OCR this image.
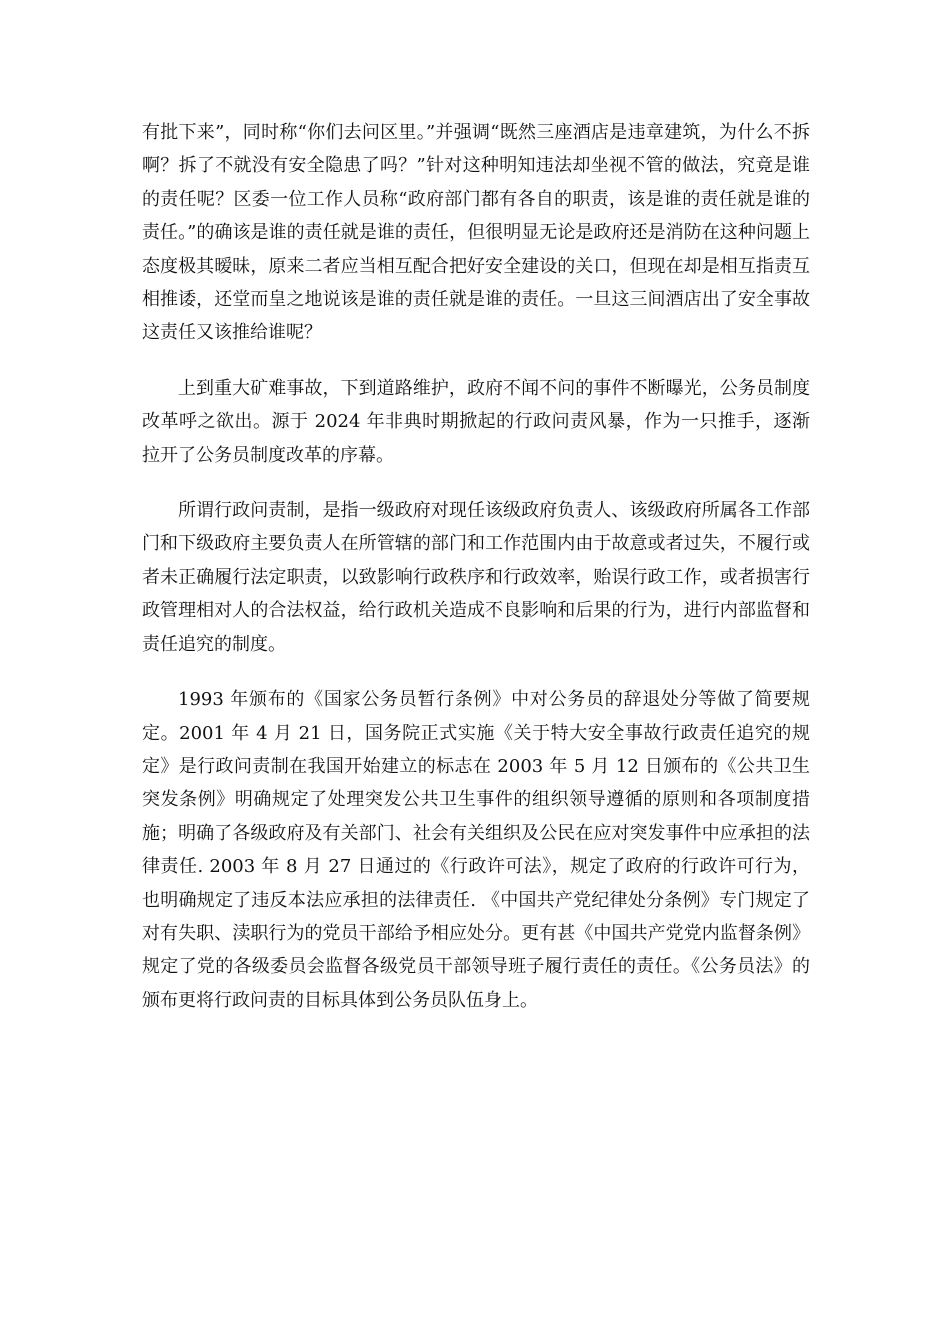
有批下来”，同时称“你们去问区里。”并强调“既然三座酒店是违章建筑，为什么不拆啊？拆了不就没有安全隐患了吗？”针对这种明知违法却坐视不管的做法，究竟是谁的责任呢？区委一位工作人员称“政府部门都有各自的职责，该是谁的责任就是谁的责任。”的确该是谁的责任就是谁的责任，但很明显无论是政府还是消防在这种问题上态度极其暧昧，原来二者应当相互配合把好安全建设的关口，但现在却是相互指责互相推诿，还堂而皇之地说该是谁的责任就是谁的责任。一旦这三间酒店出了安全事故这责任又该推给谁呢？

上到重大矿难事故，下到道路维护，政府不闻不问的事件不断曝光，公务员制度改革呼之欲出。源于 2024 年非典时期掀起的行政问责风暴，作为一只推手，逐渐拉开了公务员制度改革的序幕。

所谓行政问责制，是指一级政府对现任该级政府负责人、该级政府所属各工作部门和下级政府主要负责人在所管辖的部门和工作范围内由于故意或者过失，不履行或者未正确履行法定职责，以致影响行政秩序和行政效率，贻误行政工作，或者损害行政管理相对人的合法权益，给行政机关造成不良影响和后果的行为，进行内部监督和责任追究的制度。

1993 年颁布的《国家公务员暂行条例》中对公务员的辞退处分等做了简要规定。2001 年 4 月 21 日，国务院正式实施《关于特大安全事故行政责任追究的规定》是行政问责制在我国开始建立的标志在 2003 年 5 月 12 日颁布的《公共卫生突发条例》明确规定了处理突发公共卫生事件的组织领导遵循的原则和各项制度措施；明确了各级政府及有关部门、社会有关组织及公民在应对突发事件中应承担的法律责任. 2003 年 8 月 27 日通过的《行政许可法》，规定了政府的行政许可行为，也明确规定了违反本法应承担的法律责任. 《中国共产党纪律处分条例》专门规定了对有失职、渎职行为的党员干部给予相应处分。更有甚《中国共产党党内监督条例》规定了党的各级委员会监督各级党员干部领导班子履行责任的责任。《公务员法》的颁布更将行政问责的目标具体到公务员队伍身上。
